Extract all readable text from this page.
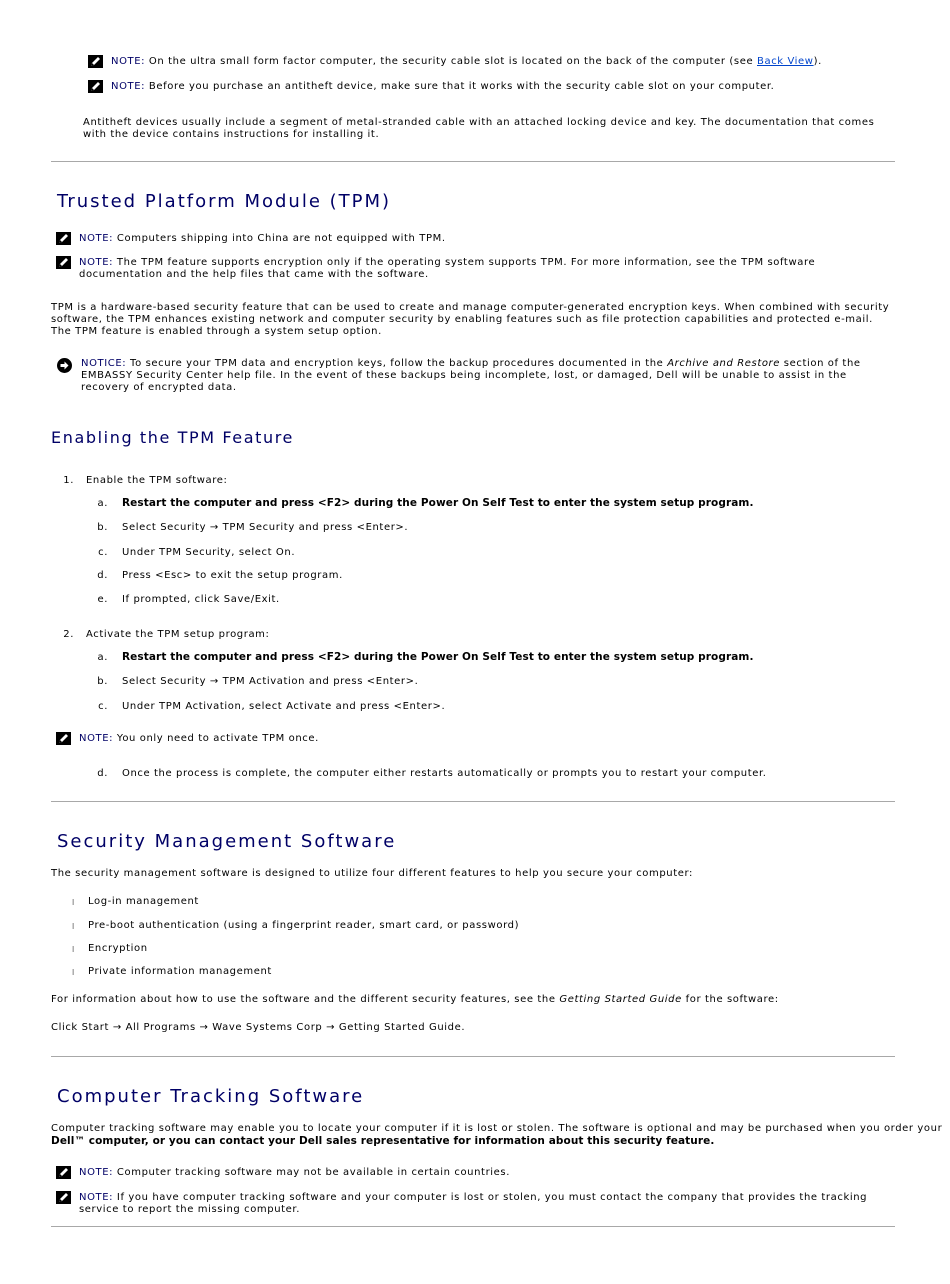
NOTE: On the ultra small form factor computer, the security cable slot is located on the back of the computer (see Back View).
NOTE: Before you purchase an antitheft device, make sure that it works with the security cable slot on your computer.
Antitheft devices usually include a segment of metal-stranded cable with an attached locking device and key. The documentation that comes with the device contains instructions for installing it.
Trusted Platform Module (TPM)
NOTE: Computers shipping into China are not equipped with TPM.
NOTE: The TPM feature supports encryption only if the operating system supports TPM. For more information, see the TPM software documentation and the help files that came with the software.
TPM is a hardware-based security feature that can be used to create and manage computer-generated encryption keys. When combined with security software, the TPM enhances existing network and computer security by enabling features such as file protection capabilities and protected e-mail. The TPM feature is enabled through a system setup option.
NOTICE: To secure your TPM data and encryption keys, follow the backup procedures documented in the Archive and Restore section of the EMBASSY Security Center help file. In the event of these backups being incomplete, lost, or damaged, Dell will be unable to assist in the recovery of encrypted data.
Enabling the TPM Feature
1. Enable the TPM software:
a. Restart the computer and press <F2> during the Power On Self Test to enter the system setup program.
b. Select Security → TPM Security and press <Enter>.
c. Under TPM Security, select On.
d. Press <Esc> to exit the setup program.
e. If prompted, click Save/Exit.
2. Activate the TPM setup program:
a. Restart the computer and press <F2> during the Power On Self Test to enter the system setup program.
b. Select Security → TPM Activation and press <Enter>.
c. Under TPM Activation, select Activate and press <Enter>.
NOTE: You only need to activate TPM once.
d. Once the process is complete, the computer either restarts automatically or prompts you to restart your computer.
Security Management Software
The security management software is designed to utilize four different features to help you secure your computer:
l Log-in management
l Pre-boot authentication (using a fingerprint reader, smart card, or password)
l Encryption
l Private information management
For information about how to use the software and the different security features, see the Getting Started Guide for the software:
Click Start → All Programs → Wave Systems Corp → Getting Started Guide.
Computer Tracking Software
Computer tracking software may enable you to locate your computer if it is lost or stolen. The software is optional and may be purchased when you order your
Dell™ computer, or you can contact your Dell sales representative for information about this security feature.
NOTE: Computer tracking software may not be available in certain countries.
NOTE: If you have computer tracking software and your computer is lost or stolen, you must contact the company that provides the tracking service to report the missing computer.
